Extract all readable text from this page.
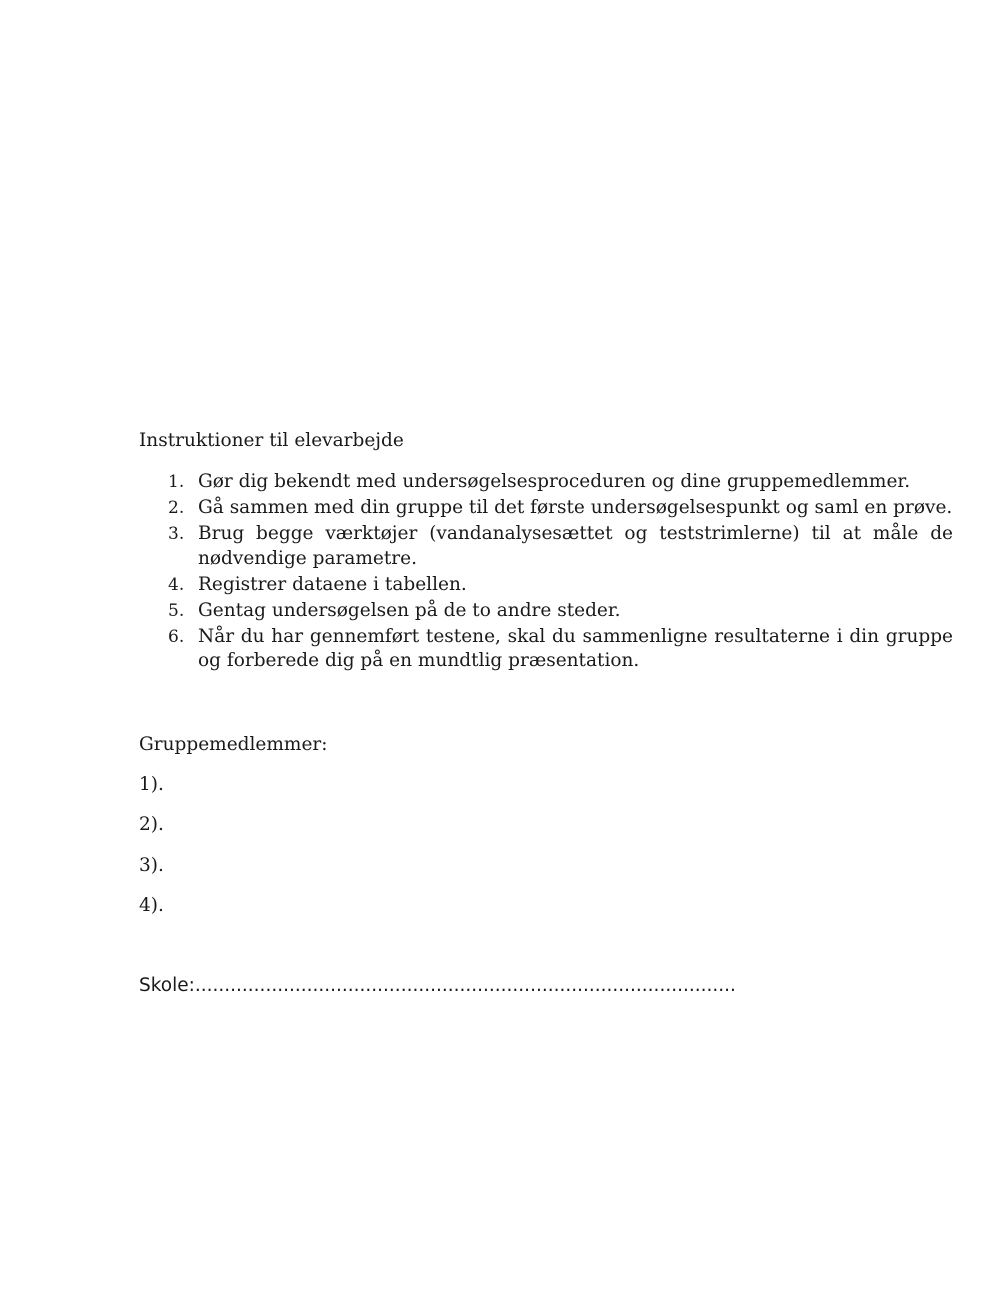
Instruktioner til elevarbejde
1. Gør dig bekendt med undersøgelsesproceduren og dine gruppemedlemmer.
2. Gå sammen med din gruppe til det første undersøgelsespunkt og saml en prøve.
3. Brug begge værktøjer (vandanalysesættet og teststrimlerne) til at måle de nødvendige parametre.
4. Registrer dataene i tabellen.
5. Gentag undersøgelsen på de to andre steder.
6. Når du har gennemført testene, skal du sammenligne resultaterne i din gruppe og forberede dig på en mundtlig præsentation.
Gruppemedlemmer:
1).
2).
3).
4).
Skole:............................................................................................
